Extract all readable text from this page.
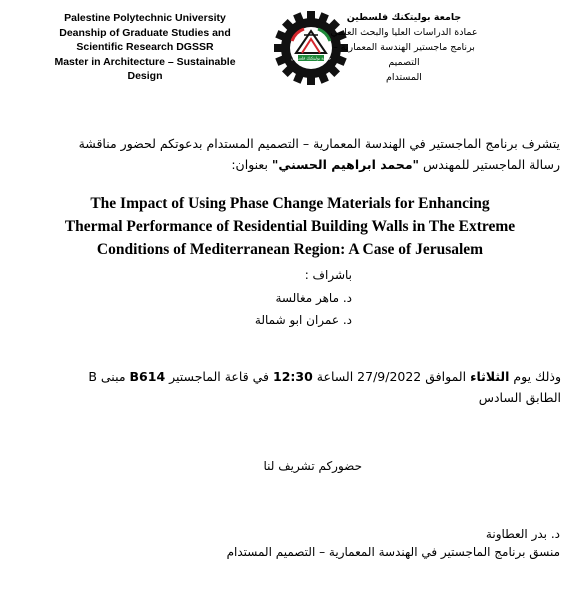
Palestine Polytechnic University
Deanship of Graduate Studies and
Scientific Research DGSSR
Master in Architecture – Sustainable
Design
جامعة بوليتكنك فلسطين
جامعة بوليتكنك فلسطين
عمادة الدراسات العليا والبحث العلمي
برنامج ماجستير الهندسة المعمارية – التصميم
المستدام
يتشرف برنامج الماجستير في الهندسة المعمارية – التصميم المستدام بدعوتكم لحضور مناقشة
رسالة الماجستير للمهندس "محمد ابراهيم الحسني" بعنوان:
The Impact of Using Phase Change Materials for Enhancing
Thermal Performance of Residential Building Walls in The Extreme
Conditions of Mediterranean Region: A Case of Jerusalem
باشراف :
د. ماهر مغالسة
د. عمران ابو شمالة
وذلك يوم الثلاثاء الموافق 27/9/2022 الساعة 12:30 في قاعة الماجستير B614 مبنى B
الطابق السادس
حضوركم تشريف لنا
د. بدر العطاونة
منسق برنامج الماجستير في الهندسة المعمارية – التصميم المستدام
